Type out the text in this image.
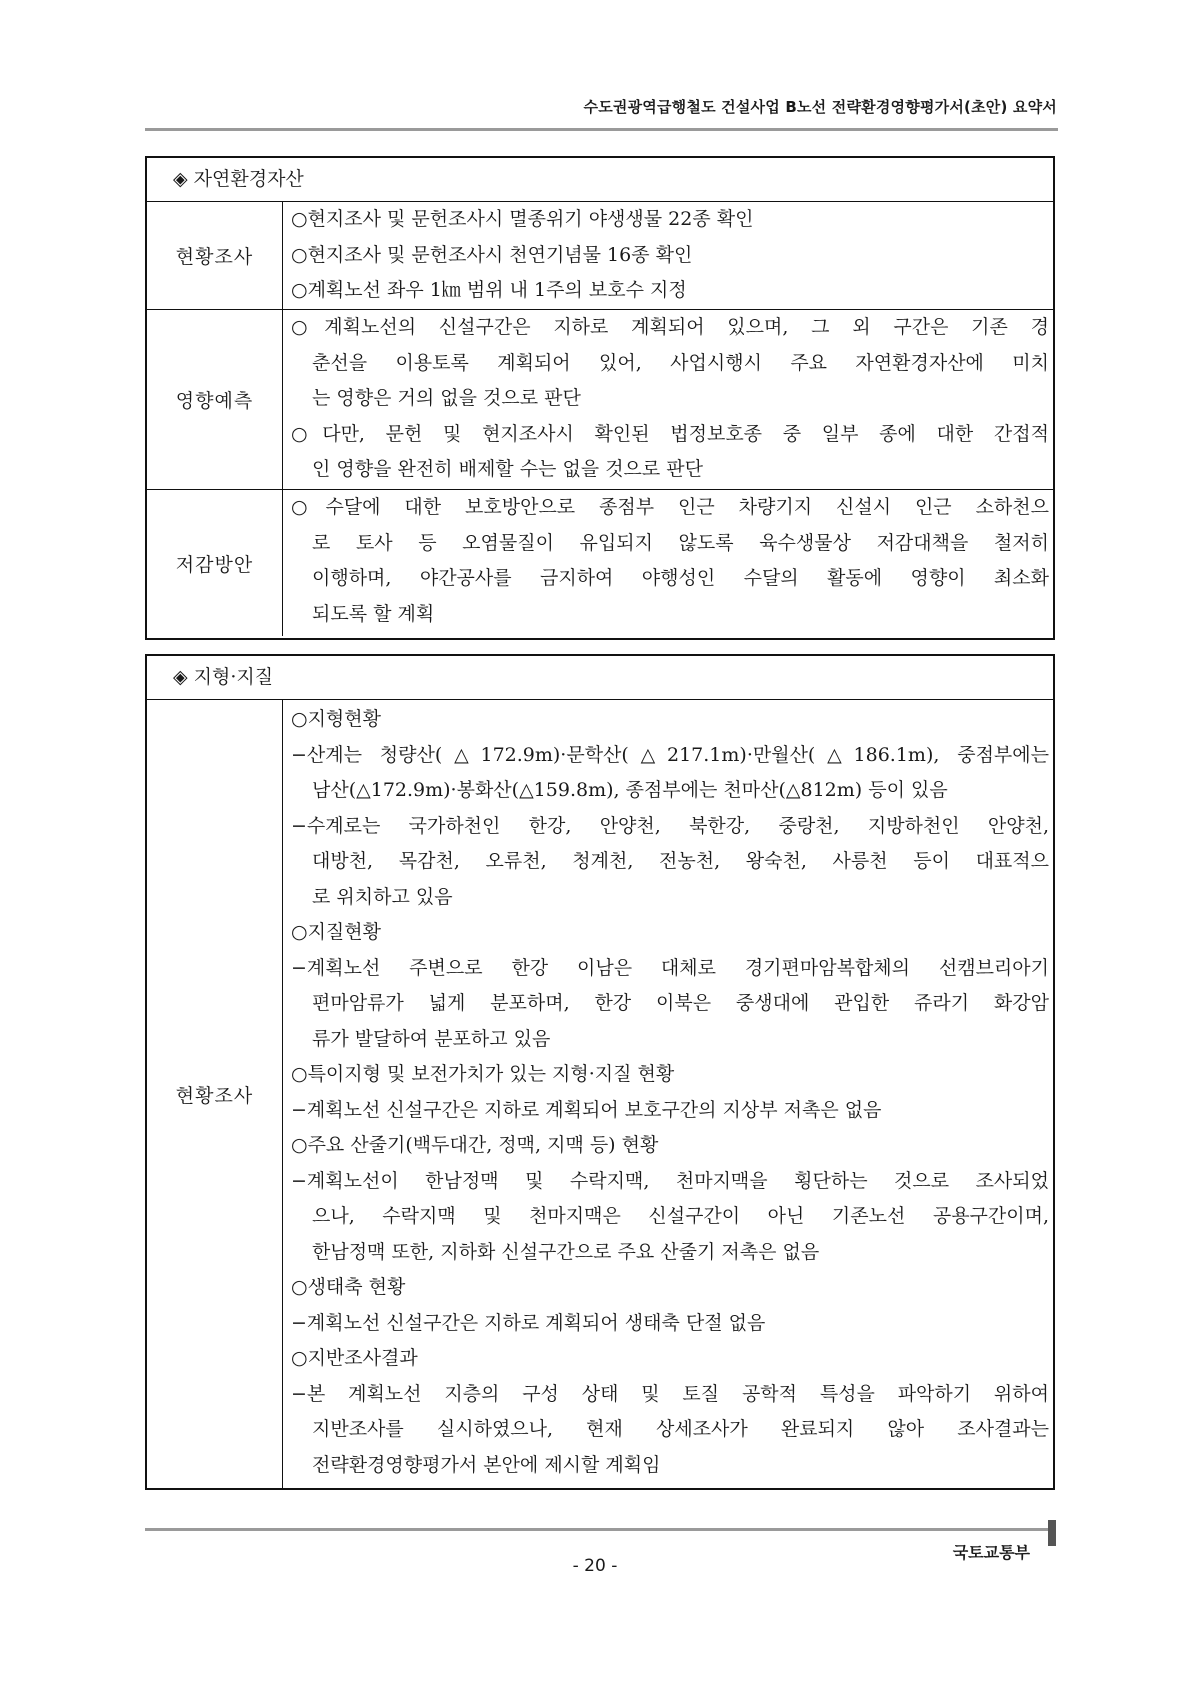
수도권광역급행철도 건설사업 B노선 전략환경영향평가서(초안) 요약서
◈ 자연환경자산
현황조사
○현지조사 및 문헌조사시 멸종위기 야생생물 22종 확인
○현지조사 및 문헌조사시 천연기념물 16종 확인
○계획노선 좌우 1㎞ 범위 내 1주의 보호수 지정
영향예측
○계획노선의 신설구간은 지하로 계획되어 있으며, 그 외 구간은 기존 경
춘선을 이용토록 계획되어 있어, 사업시행시 주요 자연환경자산에 미치
는 영향은 거의 없을 것으로 판단
○다만, 문헌 및 현지조사시 확인된 법정보호종 중 일부 종에 대한 간접적
인 영향을 완전히 배제할 수는 없을 것으로 판단
저감방안
○수달에 대한 보호방안으로 종점부 인근 차량기지 신설시 인근 소하천으
로 토사 등 오염물질이 유입되지 않도록 육수생물상 저감대책을 철저히
이행하며, 야간공사를 금지하여 야행성인 수달의 활동에 영향이 최소화
되도록 할 계획
◈ 지형·지질
현황조사
○지형현황
−산계는 청량산(△172.9m)·문학산(△217.1m)·만월산(△186.1m), 중점부에는
남산(△172.9m)·봉화산(△159.8m), 종점부에는 천마산(△812m) 등이 있음
−수계로는 국가하천인 한강, 안양천, 북한강, 중랑천, 지방하천인 안양천,
대방천, 목감천, 오류천, 청계천, 전농천, 왕숙천, 사릉천 등이 대표적으
로 위치하고 있음
○지질현황
−계획노선 주변으로 한강 이남은 대체로 경기편마암복합체의 선캠브리아기
편마암류가 넓게 분포하며, 한강 이북은 중생대에 관입한 쥬라기 화강암
류가 발달하여 분포하고 있음
○특이지형 및 보전가치가 있는 지형·지질 현황
−계획노선 신설구간은 지하로 계획되어 보호구간의 지상부 저촉은 없음
○주요 산줄기(백두대간, 정맥, 지맥 등) 현황
−계획노선이 한남정맥 및 수락지맥, 천마지맥을 횡단하는 것으로 조사되었
으나, 수락지맥 및 천마지맥은 신설구간이 아닌 기존노선 공용구간이며,
한남정맥 또한, 지하화 신설구간으로 주요 산줄기 저촉은 없음
○생태축 현황
−계획노선 신설구간은 지하로 계획되어 생태축 단절 없음
○지반조사결과
−본 계획노선 지층의 구성 상태 및 토질 공학적 특성을 파악하기 위하여
지반조사를 실시하였으나, 현재 상세조사가 완료되지 않아 조사결과는
전략환경영향평가서 본안에 제시할 계획임
국토교통부
- 20 -
